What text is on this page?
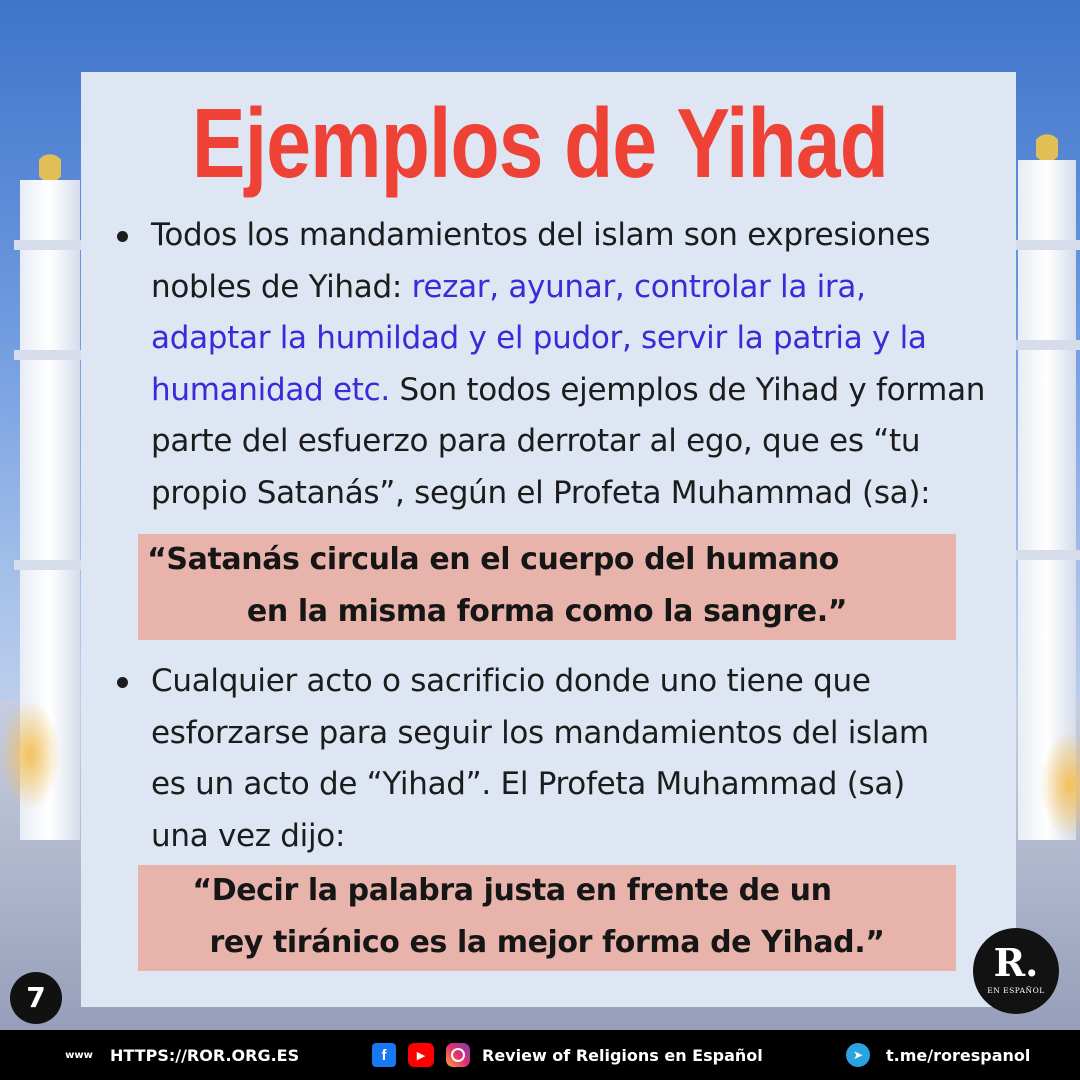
Ejemplos de Yihad
Todos los mandamientos del islam son expresiones
nobles de Yihad: rezar, ayunar, controlar la ira,
adaptar la humildad y el pudor, servir la patria y la
humanidad etc. Son todos ejemplos de Yihad y forman
parte del esfuerzo para derrotar al ego, que es “tu
propio Satanás”, según el Profeta Muhammad (sa):
“Satanás circula en el cuerpo del humano
en la misma forma como la sangre.”
Cualquier acto o sacrificio donde uno tiene que
esforzarse para seguir los mandamientos del islam
es un acto de “Yihad”. El Profeta Muhammad (sa)
una vez dijo:
“Decir la palabra justa en frente de un
rey tiránico es la mejor forma de Yihad.”
7
R.
EN ESPAÑOL
www HTTPS://ROR.ORG.ES	f	▶	Review of Religions en Español	➤	t.me/rorespanol
